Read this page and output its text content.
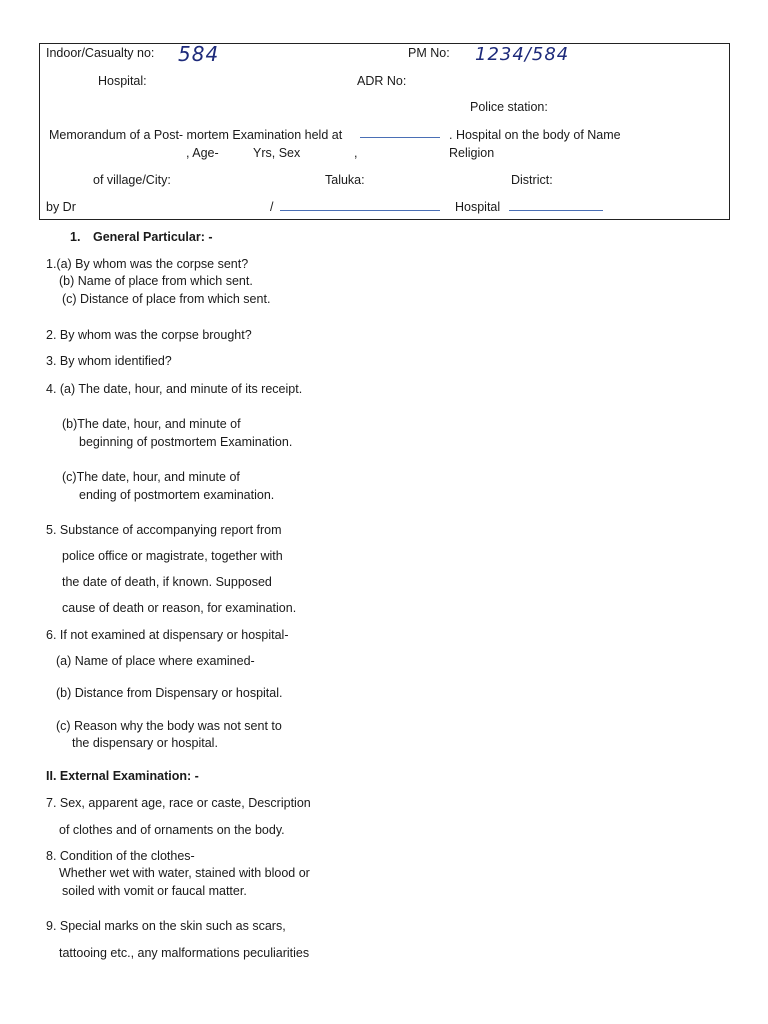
Indoor/Casualty no: 584	PM No: 1234/584
Hospital:	ADR No:
Police station:
Memorandum of a Post- mortem Examination held at	. Hospital on the body of Name
, Age-	Yrs, Sex	,	Religion
of village/City:	Taluka:	District:
by Dr	/	Hospital
1. General Particular: -
1.(a) By whom was the corpse sent?
(b) Name of place from which sent.
(c) Distance of place from which sent.
2. By whom was the corpse brought?
3. By whom identified?
4. (a) The date, hour, and minute of its receipt.
(b)The date, hour, and minute of
beginning of postmortem Examination.
(c)The date, hour, and minute of
ending of postmortem examination.
5. Substance of accompanying report from
police office or magistrate, together with
the date of death, if known. Supposed
cause of death or reason, for examination.
6. If not examined at dispensary or hospital-
(a) Name of place where examined-
(b) Distance from Dispensary or hospital.
(c) Reason why the body was not sent to
the dispensary or hospital.
II. External Examination: -
7. Sex, apparent age, race or caste, Description
of clothes and of ornaments on the body.
8. Condition of the clothes-
Whether wet with water, stained with blood or
soiled with vomit or faucal matter.
9. Special marks on the skin such as scars,
tattooing etc., any malformations peculiarities
